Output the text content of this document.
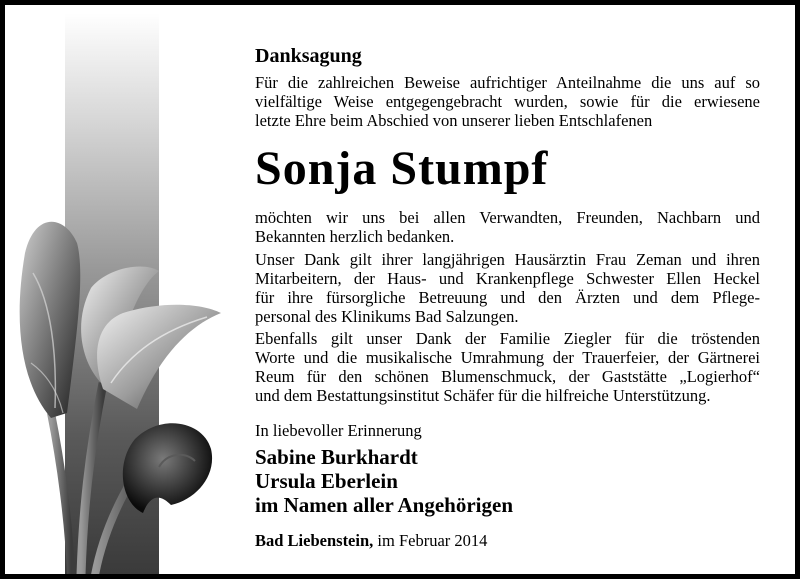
Danksagung
Für die zahlreichen Beweise aufrichtiger Anteilnahme die uns auf so
vielfältige Weise entgegengebracht wurden, sowie für die erwiesene
letzte Ehre beim Abschied von unserer lieben Entschlafenen
Sonja Stumpf
möchten wir uns bei allen Verwandten, Freunden, Nachbarn und
Bekannten herzlich bedanken.
Unser Dank gilt ihrer langjährigen Hausärztin Frau Zeman und ihren
Mitarbeitern, der Haus- und Krankenpflege Schwester Ellen Heckel
für ihre fürsorgliche Betreuung und den Ärzten und dem Pflege-
personal des Klinikums Bad Salzungen.
Ebenfalls gilt unser Dank der Familie Ziegler für die tröstenden
Worte und die musikalische Umrahmung der Trauerfeier, der Gärtnerei
Reum für den schönen Blumenschmuck, der Gaststätte „Logierhof“
und dem Bestattungsinstitut Schäfer für die hilfreiche Unterstützung.
In liebevoller Erinnerung
Sabine Burkhardt
Ursula Eberlein
im Namen aller Angehörigen
Bad Liebenstein, im Februar 2014
